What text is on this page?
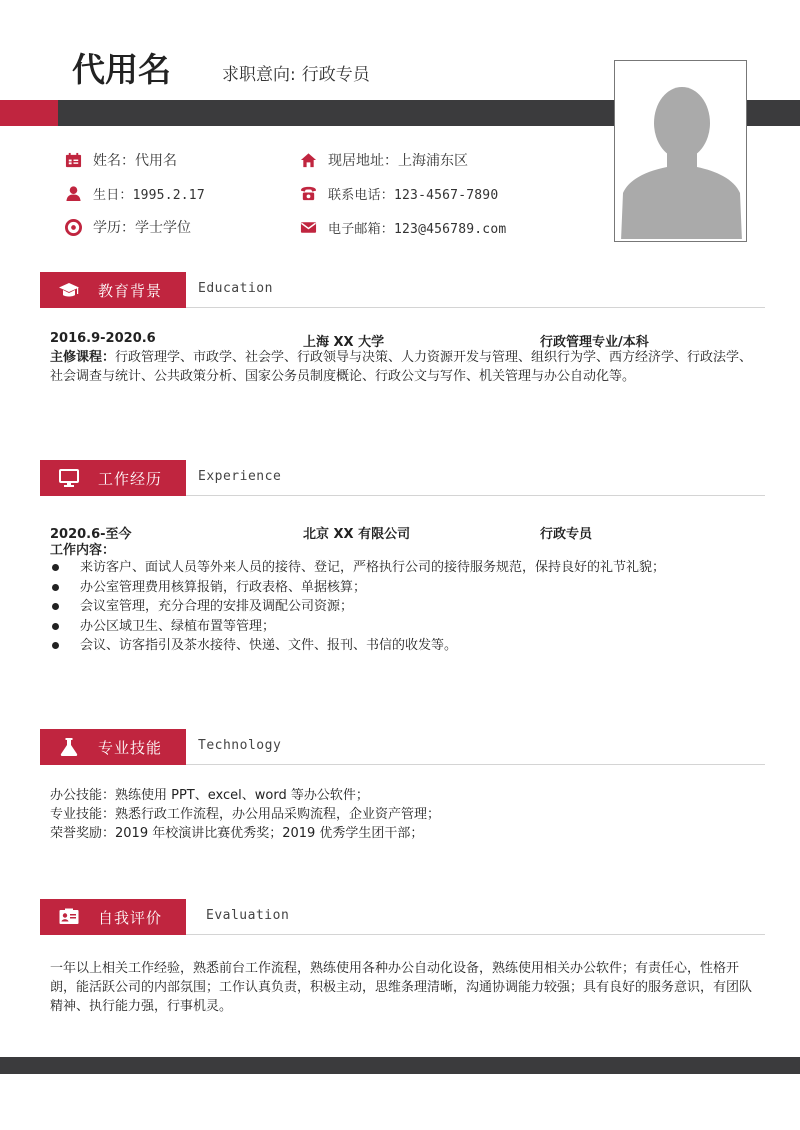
代用名	求职意向: 行政专员
姓名：代用名
生日：1995.2.17
学历：学士学位
现居地址：上海浦东区
联系电话：123-4567-7890
电子邮箱：123@456789.com
教育背景	Education
2016.9-2020.6	上海 XX 大学	行政管理专业/本科
主修课程：行政管理学、市政学、社会学、行政领导与决策、人力资源开发与管理、组织行为学、西方经济学、行政法学、社会调查与统计、公共政策分析、国家公务员制度概论、行政公文与写作、机关管理与办公自动化等。
工作经历	Experience
2020.6-至今	北京 XX 有限公司	行政专员
工作内容：
来访客户、面试人员等外来人员的接待、登记，严格执行公司的接待服务规范，保持良好的礼节礼貌；
办公室管理费用核算报销，行政表格、单据核算；
会议室管理，充分合理的安排及调配公司资源；
办公区域卫生、绿植布置等管理；
会议、访客指引及茶水接待、快递、文件、报刊、书信的收发等。
专业技能	Technology
办公技能：熟练使用 PPT、excel、word 等办公软件；
专业技能：熟悉行政工作流程，办公用品采购流程，企业资产管理；
荣誉奖励：2019 年校演讲比赛优秀奖；2019 优秀学生团干部；
自我评价	Evaluation
一年以上相关工作经验，熟悉前台工作流程，熟练使用各种办公自动化设备，熟练使用相关办公软件；有责任心，性格开朗，能活跃公司的内部氛围；工作认真负责，积极主动，思维条理清晰，沟通协调能力较强；具有良好的服务意识，有团队精神、执行能力强，行事机灵。
